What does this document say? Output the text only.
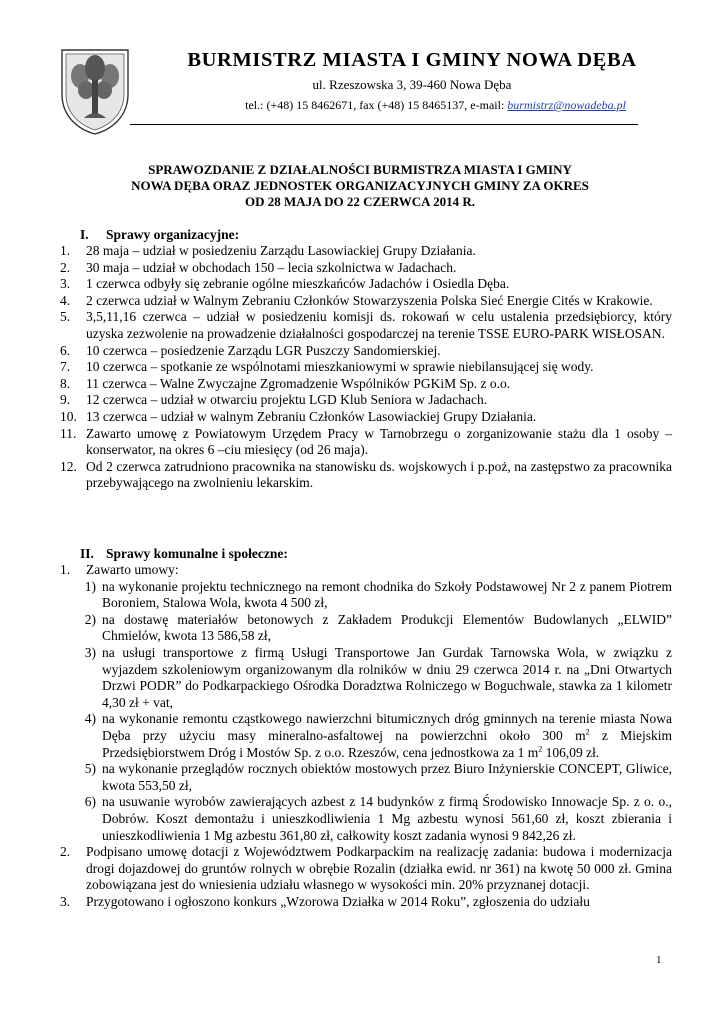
BURMISTRZ MIASTA I GMINY NOWA DĘBA
ul. Rzeszowska 3, 39-460 Nowa Dęba
tel.: (+48) 15 8462671, fax (+48) 15 8465137, e-mail: burmistrz@nowadeba.pl
SPRAWOZDANIE Z DZIAŁALNOŚCI BURMISTRZA MIASTA I GMINY
NOWA DĘBA ORAZ JEDNOSTEK ORGANIZACYJNYCH GMINY ZA OKRES
OD 28 MAJA DO 22 CZERWCA 2014 R.
I. Sprawy organizacyjne:
1.	28 maja – udział w posiedzeniu Zarządu Lasowiackiej Grupy Działania.
2.	30 maja – udział w obchodach 150 – lecia szkolnictwa w Jadachach.
3.	1 czerwca odbyły się zebranie ogólne mieszkańców Jadachów i Osiedla Dęba.
4.	2 czerwca udział w Walnym Zebraniu Członków Stowarzyszenia Polska Sieć Energie Cités w Krakowie.
5.	3,5,11,16 czerwca – udział w posiedzeniu komisji ds. rokowań w celu ustalenia przedsiębiorcy, który uzyska zezwolenie na prowadzenie działalności gospodarczej na terenie TSSE EURO-PARK WISŁOSAN.
6.	10 czerwca – posiedzenie Zarządu LGR Puszczy Sandomierskiej.
7.	10 czerwca – spotkanie ze wspólnotami mieszkaniowymi w sprawie niebilansującej się wody.
8.	11 czerwca – Walne Zwyczajne Zgromadzenie Wspólników PGKiM Sp. z o.o.
9.	12 czerwca – udział w otwarciu projektu LGD Klub Seniora w Jadachach.
10. 13 czerwca – udział w walnym Zebraniu Członków Lasowiackiej Grupy Działania.
11. Zawarto umowę z Powiatowym Urzędem Pracy w Tarnobrzegu o zorganizowanie stażu dla 1 osoby – konserwator, na okres 6 –ciu miesięcy (od 26 maja).
12. Od 2 czerwca zatrudniono pracownika na stanowisku ds. wojskowych i p.poż, na zastępstwo za pracownika przebywającego na zwolnieniu lekarskim.
II. Sprawy komunalne i społeczne:
1.	Zawarto umowy:
1) na wykonanie projektu technicznego na remont chodnika do Szkoły Podstawowej Nr 2 z panem Piotrem Boroniem, Stalowa Wola, kwota 4 500 zł,
2) na dostawę materiałów betonowych z Zakładem Produkcji Elementów Budowlanych „ELWID” Chmielów, kwota 13 586,58 zł,
3) na usługi transportowe z firmą Usługi Transportowe Jan Gurdak Tarnowska Wola, w związku z wyjazdem szkoleniowym organizowanym dla rolników w dniu 29 czerwca 2014 r. na „Dni Otwartych Drzwi PODR” do Podkarpackiego Ośrodka Doradztwa Rolniczego w Boguchwale, stawka za 1 kilometr 4,30 zł + vat,
4) na wykonanie remontu cząstkowego nawierzchni bitumicznych dróg gminnych na terenie miasta Nowa Dęba przy użyciu masy mineralno-asfaltowej na powierzchni około 300 $m^2$ z Miejskim Przedsiębiorstwem Dróg i Mostów Sp. z o.o. Rzeszów, cena jednostkowa za 1 $m^2$ 106,09 zł.
5) na wykonanie przeglądów rocznych obiektów mostowych przez Biuro Inżynierskie CONCEPT, Gliwice, kwota 553,50 zł,
6) na usuwanie wyrobów zawierających azbest z 14 budynków z firmą Środowisko Innowacje Sp. z o. o., Dobrów. Koszt demontażu i unieszkodliwienia 1 Mg azbestu wynosi 561,60 zł, koszt zbierania i unieszkodliwienia 1 Mg azbestu 361,80 zł, całkowity koszt zadania wynosi 9 842,26 zł.
2.	Podpisano umowę dotacji z Województwem Podkarpackim na realizację zadania: budowa i modernizacja drogi dojazdowej do gruntów rolnych w obrębie Rozalin (działka ewid. nr 361) na kwotę 50 000 zł. Gmina zobowiązana jest do wniesienia udziału własnego w wysokości min. 20% przyznanej dotacji.
3.	Przygotowano i ogłoszono konkurs „Wzorowa Działka w 2014 Roku”, zgłoszenia do udziału
1
